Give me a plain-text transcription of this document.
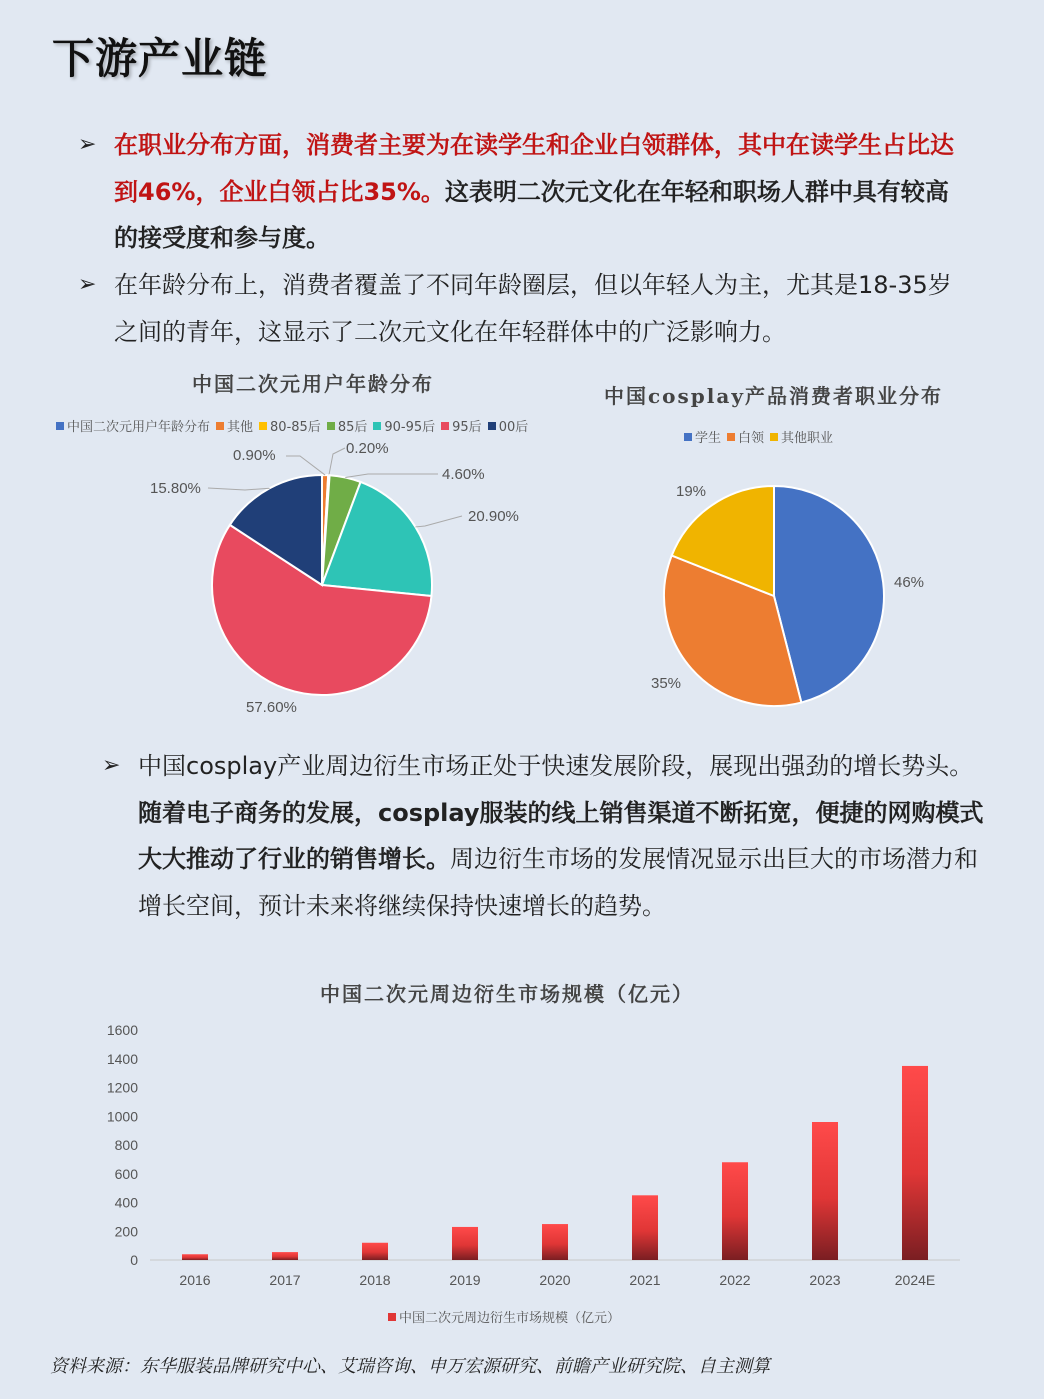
下游产业链
➢ 在职业分布方面，消费者主要为在读学生和企业白领群体，其中在读学生占比达到46%，企业白领占比35%。这表明二次元文化在年轻和职场人群中具有较高的接受度和参与度。
➢ 在年龄分布上，消费者覆盖了不同年龄圈层，但以年轻人为主，尤其是18-35岁之间的青年，这显示了二次元文化在年轻群体中的广泛影响力。
中国二次元用户年龄分布
中国二次元用户年龄分布 其他 80-85后 85后 90-95后 95后 00后
0.90%	0.20%
4.60%
20.90%
57.60%
15.80%
中国cosplay产品消费者职业分布
学生 白领 其他职业
46%
35%
19%
➢ 中国cosplay产业周边衍生市场正处于快速发展阶段，展现出强劲的增长势头。随着电子商务的发展，cosplay服装的线上销售渠道不断拓宽，便捷的网购模式大大推动了行业的销售增长。周边衍生市场的发展情况显示出巨大的市场潜力和增长空间，预计未来将继续保持快速增长的趋势。
中国二次元周边衍生市场规模（亿元）
0
200
400
600
800
1000
1200
1400
1600
2016	2017	2018	2019	2020	2021	2022	2023	2024E
中国二次元周边衍生市场规模（亿元）
资料来源：东华服装品牌研究中心、艾瑞咨询、申万宏源研究、前瞻产业研究院、自主测算
